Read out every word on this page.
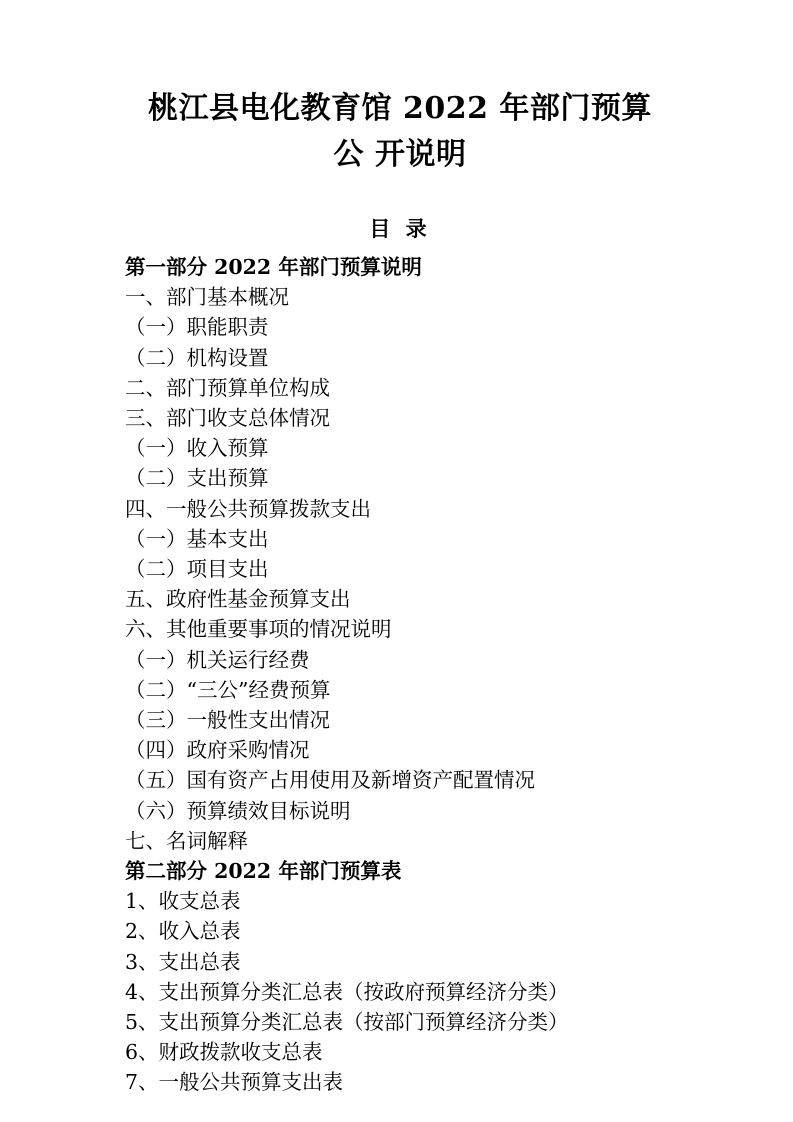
桃江县电化教育馆 2022 年部门预算公 开说明
目 录
第一部分 2022 年部门预算说明
一、部门基本概况
（一）职能职责
（二）机构设置
二、部门预算单位构成
三、部门收支总体情况
（一）收入预算
（二）支出预算
四、一般公共预算拨款支出
（一）基本支出
（二）项目支出
五、政府性基金预算支出
六、其他重要事项的情况说明
（一）机关运行经费
（二）“三公”经费预算
（三）一般性支出情况
（四）政府采购情况
（五）国有资产占用使用及新增资产配置情况
（六）预算绩效目标说明
七、名词解释
第二部分 2022 年部门预算表
1、收支总表
2、收入总表
3、支出总表
4、支出预算分类汇总表（按政府预算经济分类）
5、支出预算分类汇总表（按部门预算经济分类）
6、财政拨款收支总表
7、一般公共预算支出表
